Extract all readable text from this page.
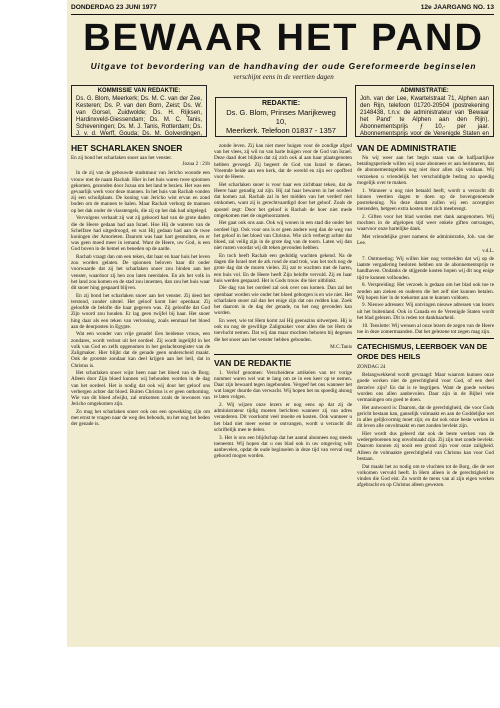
DONDERDAG 23 JUNI 1977	12e JAARGANG NO. 13
BEWAAR HET PAND
Uitgave tot bevordering van de handhaving der oude Gereformeerde beginselen
verschijnt eens in de veertien dagen
KOMMISSIE VAN REDAKTIE:
Ds. G. Blom, Meerkerk; Ds. M. C. van der Zee, Kesteren; Ds. P. van den Born, Zeist; Ds. W. van Gorsel, Zuidwolde; Ds. H. Rijksen, Hardinxveld-Giessendam; Ds. M. C. Tanis, Scheveningen; Ds. M. J. Tanis, Rotterdam; Ds. J. v. d. Werff, Gouda; Ds. M. Golverdingen,
REDAKTIE:
Ds. G. Blom, Prinses Marijkeweg 10,
Meerkerk. Telefoon 01837 - 1357
ADMINISTRATIE:
Joh. van der Lee, Kwartelstraat 71, Alphen aan den Rijn, telefoon 01720-20504 (postrekening 2148438, t.n.v. de administrateur van 'Bewaar het Pand' te Alphen aan den Rijn). Abonnementsprijs ƒ 10,- per jaar. Abonnementsprijs voor de Verenigde Staten en
HET SCHARLAKEN SNOER
En zij hond het scharlaken snoer aan het venster.
Jozua 2 : 21b

In de zij van de gebouwde stadsmuur van Jericho woonde een vrouw met de naam Rachab. Hier in het huis waren twee spionnen gekomen, gezonden door Jozua om het land te bezien. Het was een gevaarlijk werk voor deze mannen. In het huis van Rachab vonden zij een schuilplaats. De koning van Jericho wist ervan en zond boden om de mannen te halen. Maar Rachab verborg de mannen op het dak onder de vlasstengels, die zij op het dak had uitgelegd.

Vervolgens verhaalt zij wat zij gehoord had van de grote daden die de Heere gedaan had aan Israel. Hoe Hij de wateren van de Schelfzee had uitgedroogd, en wat Hij gedaan had aan de twee koningen der Amorieten. Daarom was haar hart gesmolten, en er was geen moed meer in iemand. Want de Heere, uw God, is een God boven in de hemel en beneden op de aarde.

Rachab vraagt dan om een teken, dat haar en haar huis het leven zou worden gelaten. De spionnen beloven haar dit onder voorwaarde dat zij het scharlaken snoer zou binden aan het venster, waardoor zij hen zou laten neerdalen. En als het volk in het land zou komen en de stad zou innemen, dan zou het huis waar dit snoer hing gespaard blijven.

En zij bond het scharlaken snoer aan het venster. Zij deed het terstond, zonder uitstel. Het geloof komt hier openbaar. Zij geloofde de belofte die haar gegeven was. Zij geloofde dat God Zijn woord zou houden. Er lag geen twijfel bij haar. Het snoer hing daar als een teken van verlossing, zoals eenmaal het bloed aan de deurposten in Egypte.

Wat een wonder van vrije genade! Een heidense vrouw, een zondares, wordt verlost uit het oordeel. Zij wordt ingelijfd in het volk van God en zelfs opgenomen in het geslachtsregister van de Zaligmaker. Hier blijkt dat de genade geen onderscheid maakt. Ook de grootste zondaar kan deel krijgen aan het heil, dat in Christus is.

Het scharlaken snoer wijst heen naar het bloed van de Borg. Alleen door Zijn bloed kunnen wij behouden worden in de dag van het oordeel. Het is nodig dat ook wij door het geloof ons verbergen achter dat bloed. Buiten Christus is er geen ontkoming. Wie van dit bloed afwijkt, zal omkomen zoals de inwoners van Jericho omgekomen zijn.

Zo mag het scharlaken snoer ook ons een opwekking zijn om met ernst te vragen naar de weg des behouds, nu het nog het heden der genade is.

zonde leven. Zij kan niet meer buigen voor de zondige afgod van het vlees, zij wil nu van harte buigen voor de God van Israel. Deze daad doet blijken dat zij zich ook al aan haar plaatsgenoten hebben gevoegd. Zij begeert de God van Israel te dienen. Vreemde beide aan een kerk, dat de wereld en zijn eer opofferd voor de Heere.

Het scharlaken snoer is voor haar een zichtbaar teken, dat de Heere haar genadig zal zijn. Hij zal haar bewaren in het oordeel dat komen zal. Rachab zal in het midden van het verderf niet omkomen, want zij is gerechtvaardigd door het geloof. Zoals de apostel zegt: Door het geloof is Rachab de hoer niet mede omgekomen met de ongehoorzamen.

Het gaat ook ons aan. Ook wij wonen in een stad die onder het oordeel ligt. Ook voor ons is er geen andere weg dan de weg van het geloof in het bloed van Christus. Wie zich verbergt achter dat bloed, zal veilig zijn in de grote dag van de toorn. Laten wij dan niet rusten voordat wij dit teken gevonden hebben.

En toch heeft Rachab een geduldig wachten gekend. Na de dagen die Israel met de ark rond de stad trok, was het toch nog de grote dag dat de muren vielen. Zij zat te wachten met de haren, een huis vol. En de Heere heeft Zijn belofte vervuld. Zij en haar huis werden gespaard. Het is Gods trouw die hier uitblinkt.

Die dag van het oordeel zal ook over ons komen. Dan zal het openbaar worden wie onder het bloed geborgen is en wie niet. Het scharlaken snoer zal dan het enige zijn dat ons redden kan. Zoek het daarom in de dag der genade, nu het nog gevonden kan worden.

En weet, wie tot Hem komt zal Hij geenszins uitwerpen. Hij is ook nu nog de gewillige Zaligmaker voor allen die tot Hem de toevlucht nemen. Dat wij dan maar mochten behoren bij degenen die het snoer aan het venster hebben gebonden.

M.C.Tanis
VAN DE REDAKTIE

1. Verlof genomen: Verscheidene artikelen van ter vorige nummer waren wel wat te lang om ze in een keer op te nemen. Daar zijn bewaard tegen ingebonden. Vergeef het ons wanneer het wat langer duurde dan verwacht. Wij hopen het nu spoedig alsnog te laten volgen.

2. Wij wijzen onze lezers er nog eens op dat zij de administrateur tijdig moeten berichten wanneer zij van adres veranderen. Dit voorkomt veel moeite en kosten. Ook wanneer u het blad niet meer wenst te ontvangen, wordt u verzocht dit schriftelijk mee te delen.

3. Het is ons een blijdschap dat het aantal abonnees nog steeds toeneemt. Wij hopen dat u ons blad ook in uw omgeving wilt aanbevelen, opdat de oude beginselen in deze tijd van verval nog gehoord mogen worden.

VAN DE ADMINISTRATIE

Nu wij weer aan het begin staan van de halfjaarlijkse betalingsperiode willen wij onze abonnees er aan herinneren, dat de abonnementsgelden nog niet door allen zijn voldaan. Wij verzoeken u vriendelijk het verschuldigde bedrag zo spoedig mogelijk over te maken.

1. Wanneer u nog niet betaald heeft, wordt u verzocht dit binnen veertien dagen te doen op de bovengenoemde postrekening. Na deze datum zullen wij een acceptgiro toezenden, hetgeen extra kosten met zich meebrengt.

2. Giften voor het blad worden met dank aangenomen. Wij mochten in de afgelopen tijd weer enkele giften ontvangen, waarvoor onze hartelijke dank.

Met vriendelijke groet namens de administratie, Joh. van der Lee.

v.d.L.

7. Ontmoeting: Wij willen hier nog vermelden dat wij op de laatste vergadering besloten hebben om de abonnementsprijs te handhaven. Ondanks de stijgende kosten hopen wij dit nog enige tijd te kunnen volhouden.

8. Verspreiding: Het verzoek is gedaan om het blad ook toe te zenden aan zieken en ouderen die het zelf niet kunnen betalen. Wij hopen hier in de toekomst aan te kunnen voldoen.

9. Nieuwe adressen: Wij ontvingen nieuwe adressen van lezers uit het buitenland. Ook in Canada en de Verenigde Staten wordt het blad gelezen. Dit is reden tot dankbaarheid.

10. Tenslotte: Wij wensen al onze lezers de zegen van de Heere toe in deze zomermaanden. Dat het gelezene tot zegen mag zijn.

CATECHISMUS, LEERBOEK VAN DE ORDE DES HEILS
ZONDAG 24

Belangwekkend wordt gevraagd: Maar waarom kunnen onze goede werken niet de gerechtigheid voor God, of een deel derzelve zijn? En dat is te begrijpen. Want de goede werken worden ons allen aanbevolen. Daar zijn in de Bijbel vele vermaningen om goed te doen.

Het antwoord is: Daarom, dat de gerechtigheid, die voor Gods gericht bestaan kan, ganselijk volmaakt en aan de Goddelijke wet in alles gelijkvormig moet zijn; en dat ook onze beste werken in dit leven alle onvolmaakt en met zonden bevlekt zijn.

Hier wordt dus geleerd dat ook de beste werken van de wedergeborenen nog onvolmaakt zijn. Zij zijn met zonde bevlekt. Daarom kunnen zij nooit een grond zijn voor onze zaligheid. Alleen de volmaakte gerechtigheid van Christus kan voor God bestaan.

Dat maakt het zo nodig om te vluchten tot de Borg, die de wet volkomen vervuld heeft. In Hem alleen is de gerechtigheid te vinden die God eist. Zo wordt de mens van al zijn eigen werken afgebracht en op Christus alleen gewezen.
